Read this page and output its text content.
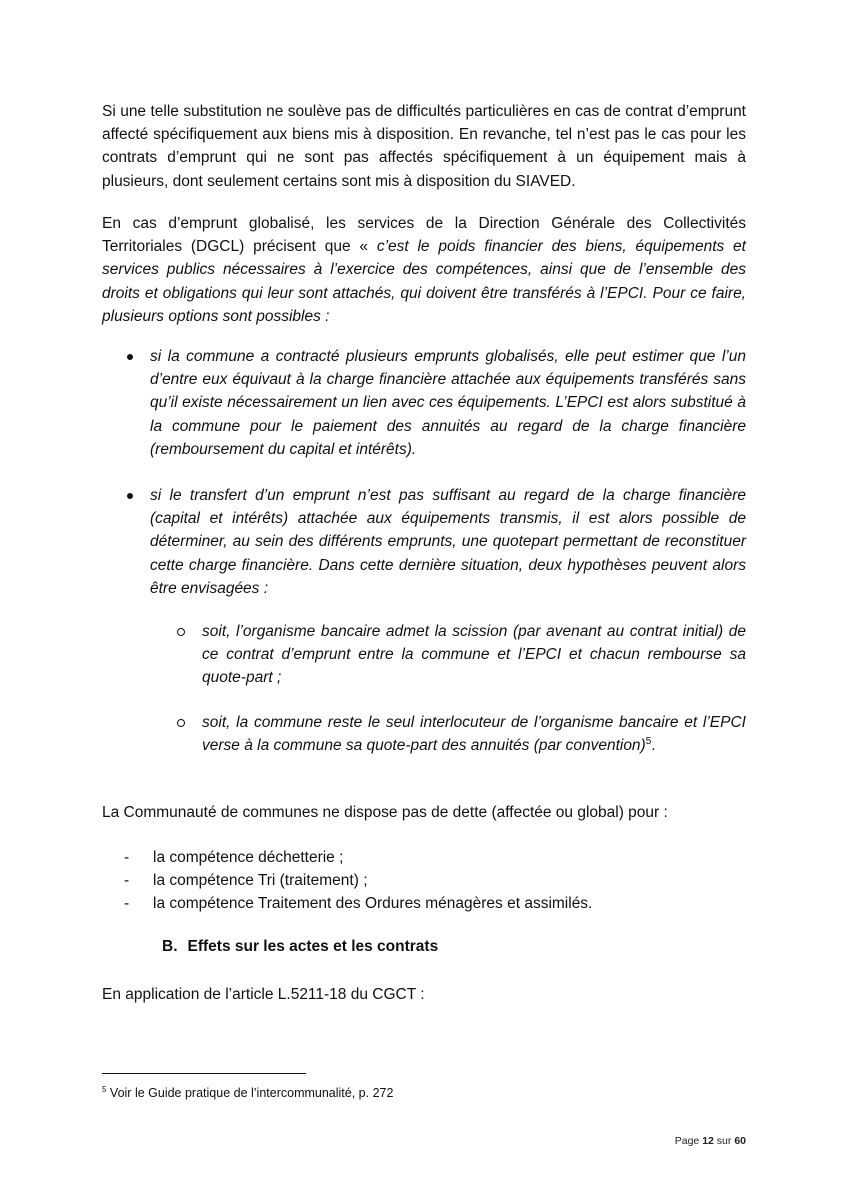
Si une telle substitution ne soulève pas de difficultés particulières en cas de contrat d’emprunt affecté spécifiquement aux biens mis à disposition. En revanche, tel n’est pas le cas pour les contrats d’emprunt qui ne sont pas affectés spécifiquement à un équipement mais à plusieurs, dont seulement certains sont mis à disposition du SIAVED.

En cas d’emprunt globalisé, les services de la Direction Générale des Collectivités Territoriales (DGCL) précisent que « c’est le poids financier des biens, équipements et services publics nécessaires à l’exercice des compétences, ainsi que de l’ensemble des droits et obligations qui leur sont attachés, qui doivent être transférés à l’EPCI. Pour ce faire, plusieurs options sont possibles :

si la commune a contracté plusieurs emprunts globalisés, elle peut estimer que l’un d’entre eux équivaut à la charge financière attachée aux équipements transférés sans qu’il existe nécessairement un lien avec ces équipements. L’EPCI est alors substitué à la commune pour le paiement des annuités au regard de la charge financière (remboursement du capital et intérêts).
si le transfert d’un emprunt n’est pas suffisant au regard de la charge financière (capital et intérêts) attachée aux équipements transmis, il est alors possible de déterminer, au sein des différents emprunts, une quotepart permettant de reconstituer cette charge financière. Dans cette dernière situation, deux hypothèses peuvent alors être envisagées :
soit, l’organisme bancaire admet la scission (par avenant au contrat initial) de ce contrat d’emprunt entre la commune et l’EPCI et chacun rembourse sa quote-part ;
soit, la commune reste le seul interlocuteur de l’organisme bancaire et l’EPCI verse à la commune sa quote-part des annuités (par convention)$^5$.

La Communauté de communes ne dispose pas de dette (affectée ou global) pour :

- la compétence déchetterie ;
- la compétence Tri (traitement) ;
- la compétence Traitement des Ordures ménagères et assimilés.
B. Effets sur les actes et les contrats

En application de l’article L.5211-18 du CGCT :

$^5$ Voir le Guide pratique de l’intercommunalité, p. 272
Page 12 sur 60
